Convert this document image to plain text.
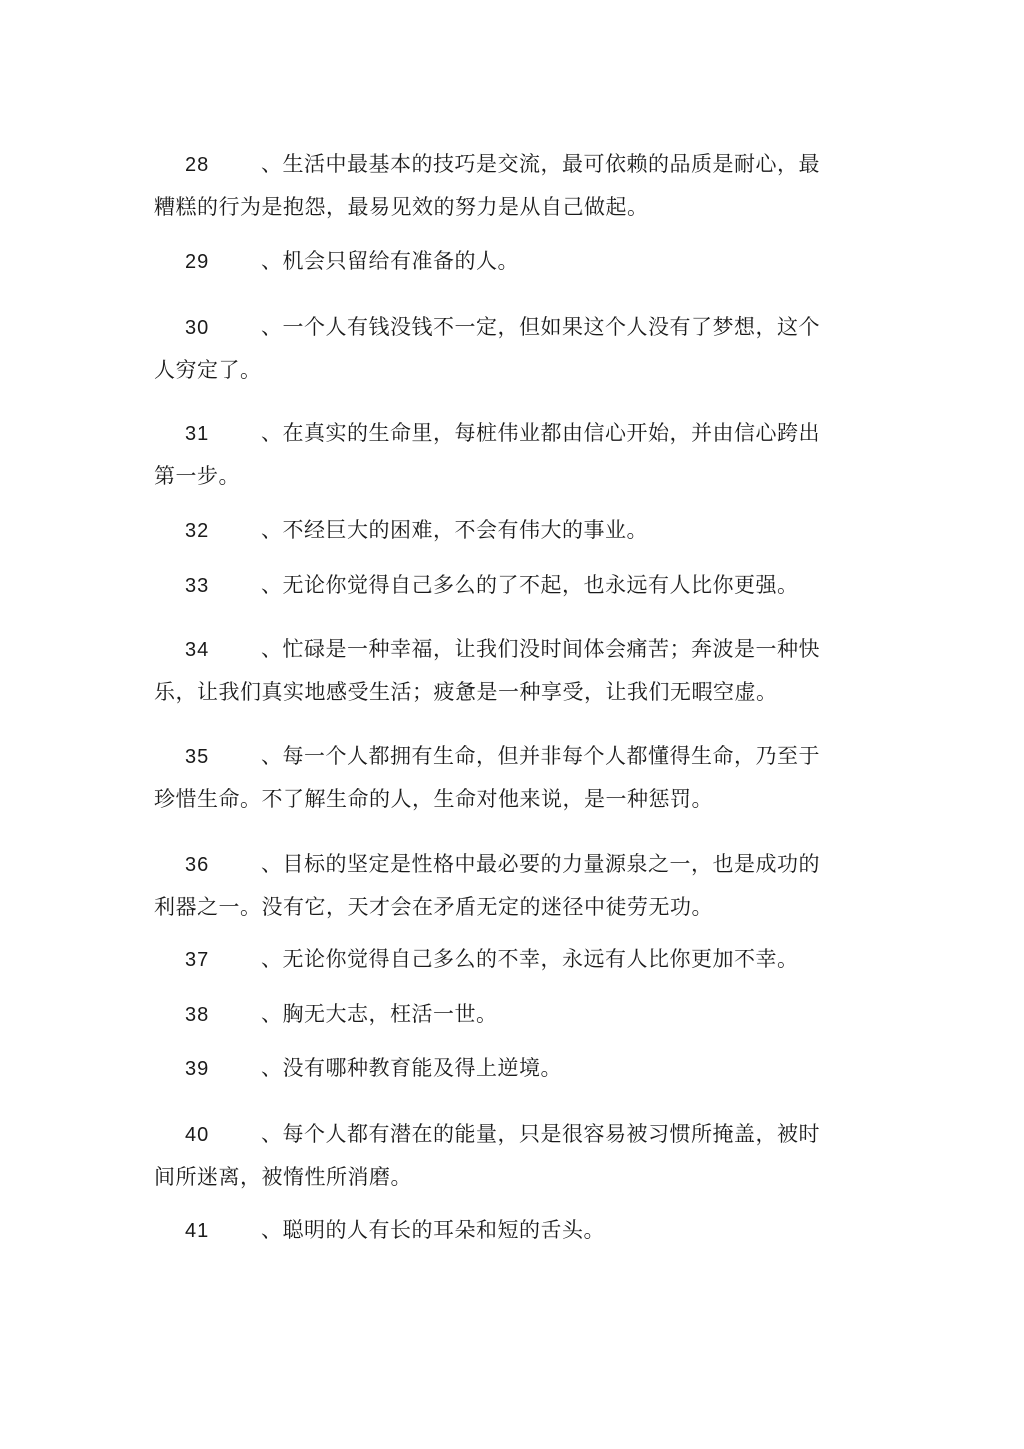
28 、生活中最基本的技巧是交流，最可依赖的品质是耐心，最糟糕的行为是抱怨，最易见效的努力是从自己做起。

29 、机会只留给有准备的人。

30 、一个人有钱没钱不一定，但如果这个人没有了梦想，这个人穷定了。

31 、在真实的生命里，每桩伟业都由信心开始，并由信心跨出第一步。

32 、不经巨大的困难，不会有伟大的事业。

33 、无论你觉得自己多么的了不起，也永远有人比你更强。

34 、忙碌是一种幸福，让我们没时间体会痛苦；奔波是一种快乐，让我们真实地感受生活；疲惫是一种享受，让我们无暇空虚。

35 、每一个人都拥有生命，但并非每个人都懂得生命，乃至于珍惜生命。不了解生命的人，生命对他来说，是一种惩罚。

36 、目标的坚定是性格中最必要的力量源泉之一，也是成功的利器之一。没有它，天才会在矛盾无定的迷径中徒劳无功。

37 、无论你觉得自己多么的不幸，永远有人比你更加不幸。

38 、胸无大志，枉活一世。

39 、没有哪种教育能及得上逆境。

40 、每个人都有潜在的能量，只是很容易被习惯所掩盖，被时间所迷离，被惰性所消磨。

41 、聪明的人有长的耳朵和短的舌头。
